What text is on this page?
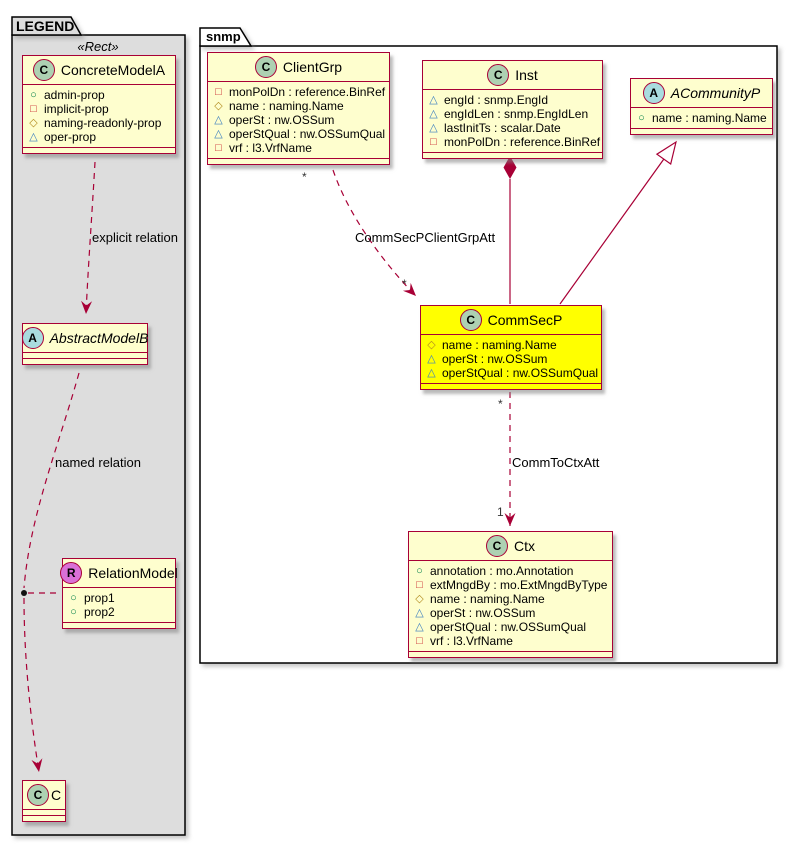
LEGEND
snmp
«Rect»
C ConcreteModelA
○ admin-prop
□ implicit-prop
◇ naming-readonly-prop
△ oper-prop
A AbstractModelB
R RelationModel
○ prop1
○ prop2
C C
C ClientGrp
□ monPolDn : reference.BinRef
◇ name : naming.Name
△ operSt : nw.OSSum
△ operStQual : nw.OSSumQual
□ vrf : l3.VrfName
C Inst
△ engId : snmp.EngId
△ engIdLen : snmp.EngIdLen
△ lastInitTs : scalar.Date
□ monPolDn : reference.BinRef
A ACommunityP
○ name : naming.Name
C CommSecP
◇ name : naming.Name
△ operSt : nw.OSSum
△ operStQual : nw.OSSumQual
C Ctx
○ annotation : mo.Annotation
□ extMngdBy : mo.ExtMngdByType
◇ name : naming.Name
△ operSt : nw.OSSum
△ operStQual : nw.OSSumQual
□ vrf : l3.VrfName
explicit relation
named relation
CommSecPClientGrpAtt
CommToCtxAtt
*
*
*
1
